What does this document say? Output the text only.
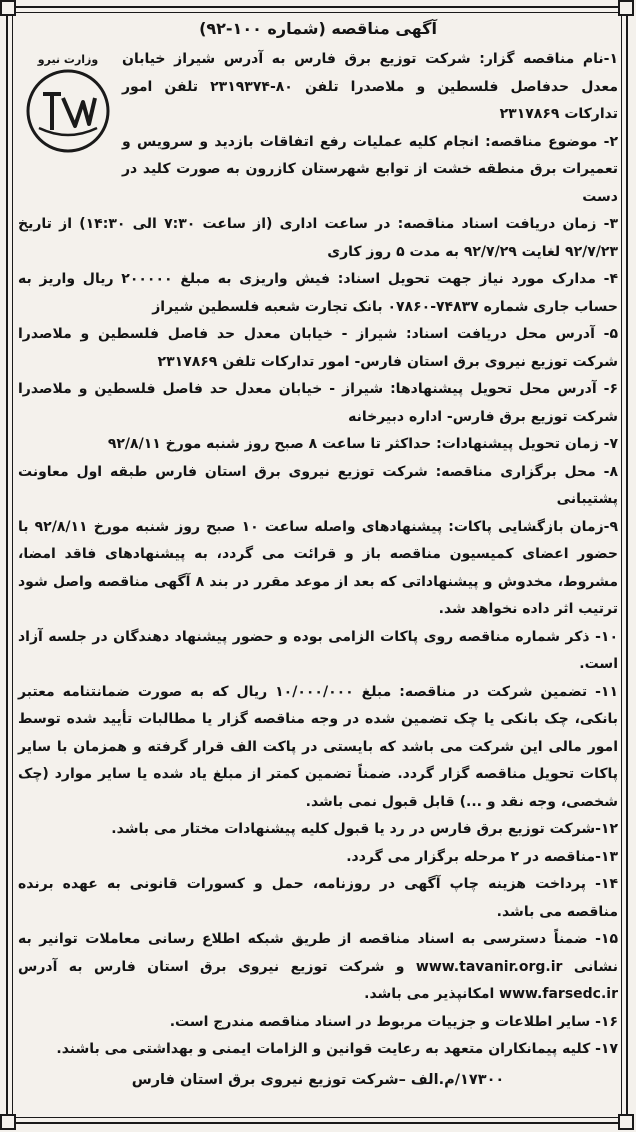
آگهی مناقصه (شماره ۱۰۰-۹۲)
وزارت نیرو	۱-نام مناقصه گزار: شرکت توزیع برق فارس به آدرس شیراز خیابان معدل حدفاصل فلسطین و ملاصدرا تلفن ۸۰-۲۳۱۹۳۷۴ تلفن امور تدارکات ۲۳۱۷۸۶۹

۲- موضوع مناقصه: انجام کلیه عملیات رفع اتفاقات بازدید و سرویس و تعمیرات برق منطقه خشت از توابع شهرستان کازرون به صورت کلید در دست

۳- زمان دریافت اسناد مناقصه: در ساعت اداری (از ساعت ۷:۳۰ الی ۱۴:۳۰) از تاریخ ۹۲/۷/۲۳ لغایت ۹۲/۷/۲۹ به مدت ۵ روز کاری

۴- مدارک مورد نیاز جهت تحویل اسناد: فیش واریزی به مبلغ ۲۰۰۰۰۰ ریال واریز به حساب جاری شماره ۷۴۸۳۷-۰۷۸۶۰ بانک تجارت شعبه فلسطین شیراز

۵- آدرس محل دریافت اسناد: شیراز - خیابان معدل حد فاصل فلسطین و ملاصدرا شرکت توزیع نیروی برق استان فارس- امور تدارکات تلفن ۲۳۱۷۸۶۹

۶- آدرس محل تحویل پیشنهادها: شیراز - خیابان معدل حد فاصل فلسطین و ملاصدرا شرکت توزیع برق فارس- اداره دبیرخانه

۷- زمان تحویل پیشنهادات: حداکثر تا ساعت ۸ صبح روز شنبه مورخ ۹۲/۸/۱۱

۸- محل برگزاری مناقصه: شرکت توزیع نیروی برق استان فارس طبقه اول معاونت پشتیبانی

۹-زمان بازگشایی پاکات: پیشنهادهای واصله ساعت ۱۰ صبح روز شنبه مورخ ۹۲/۸/۱۱ با حضور اعضای کمیسیون مناقصه باز و قرائت می گردد، به پیشنهادهای فاقد امضا، مشروط، مخدوش و پیشنهاداتی که بعد از موعد مقرر در بند ۸ آگهی مناقصه واصل شود ترتیب اثر داده نخواهد شد.

۱۰- ذکر شماره مناقصه روی پاکات الزامی بوده و حضور پیشنهاد دهندگان در جلسه آزاد است.

۱۱- تضمین شرکت در مناقصه: مبلغ ۱۰/۰۰۰/۰۰۰ ریال که به صورت ضمانتنامه معتبر بانکی، چک بانکی یا چک تضمین شده در وجه مناقصه گزار یا مطالبات تأیید شده توسط امور مالی این شرکت می باشد که بایستی در پاکت الف قرار گرفته و همزمان با سایر پاکات تحویل مناقصه گزار گردد. ضمناً تضمین کمتر از مبلغ یاد شده یا سایر موارد (چک شخصی، وجه نقد و ...) قابل قبول نمی باشد.

۱۲-شرکت توزیع برق فارس در رد یا قبول کلیه پیشنهادات مختار می باشد.

۱۳-مناقصه در ۲ مرحله برگزار می گردد.

۱۴- پرداخت هزینه چاپ آگهی در روزنامه، حمل و کسورات قانونی به عهده برنده مناقصه می باشد.

۱۵- ضمناً دسترسی به اسناد مناقصه از طریق شبکه اطلاع رسانی معاملات توانیر به نشانی www.tavanir.org.ir و شرکت توزیع نیروی برق استان فارس به آدرس www.farsedc.ir امکانپذیر می باشد.

۱۶- سایر اطلاعات و جزییات مربوط در اسناد مناقصه مندرج است.

۱۷- کلیه پیمانکاران متعهد به رعایت قوانین و الزامات ایمنی و بهداشتی می باشند.

۱۷۳۰۰/م.الف –شرکت توزیع نیروی برق استان فارس
